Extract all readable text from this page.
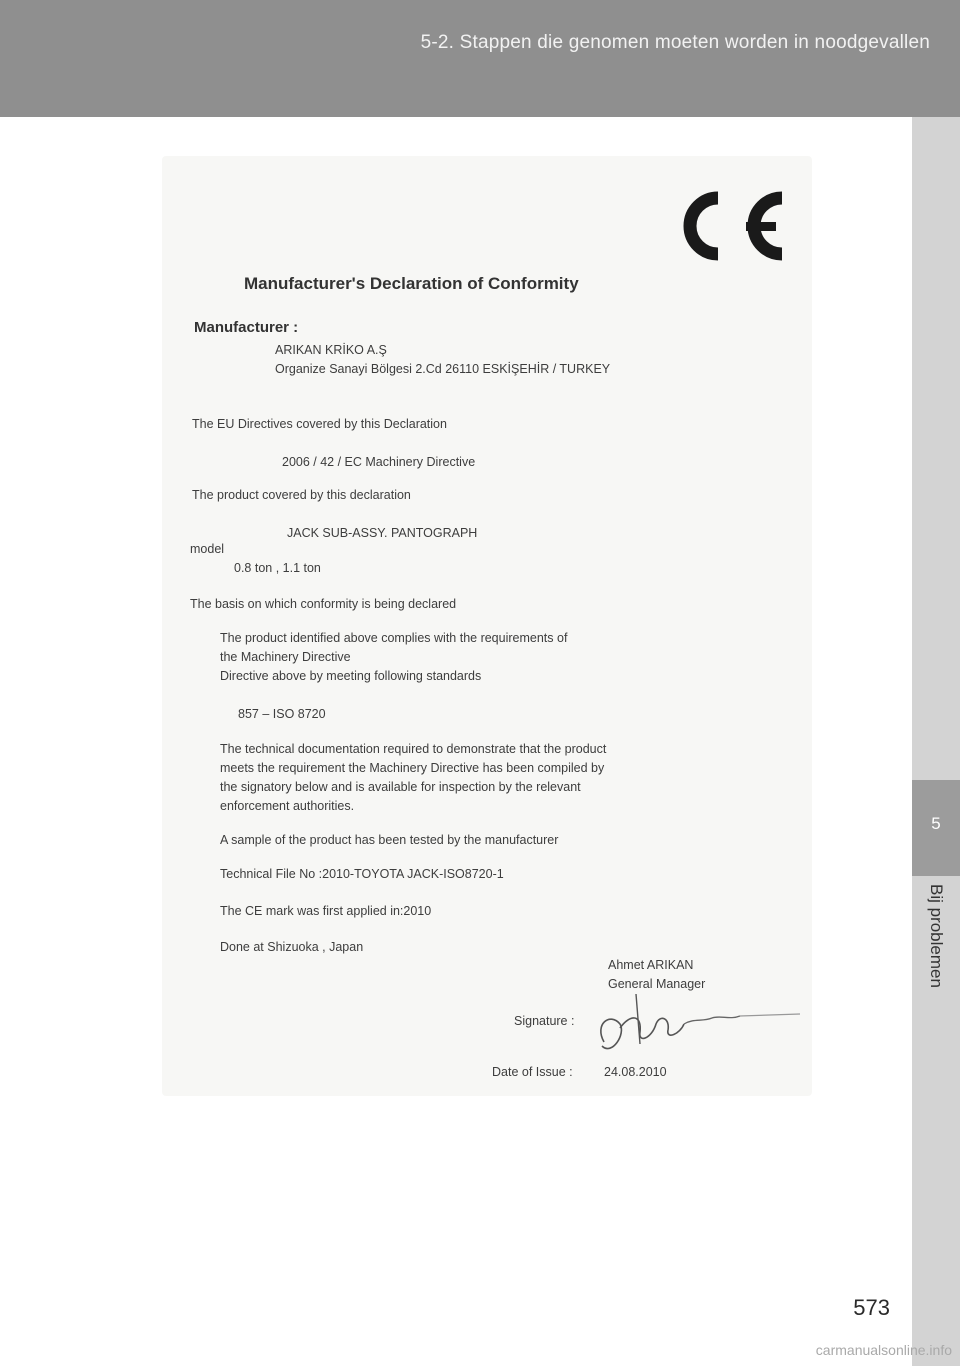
5-2. Stappen die genomen moeten worden in noodgevallen
5
Bij problemen
Manufacturer's Declaration of Conformity
Manufacturer :
ARIKAN KRİKO A.Ş
Organize Sanayi Bölgesi 2.Cd 26110 ESKİŞEHİR / TURKEY
The EU Directives covered by this Declaration
2006 / 42 / EC Machinery Directive
The product covered by this declaration
JACK SUB-ASSY. PANTOGRAPH
model
0.8 ton , 1.1 ton
The basis on which conformity is being declared
The product identified above complies with the requirements of
the Machinery Directive
Directive above by meeting following standards
857 – ISO 8720
The technical documentation required to demonstrate that the product
meets the requirement the Machinery Directive has been compiled by
the signatory below and is available for inspection by the relevant
enforcement authorities.
A sample of the product has been tested by the manufacturer
Technical File No :2010-TOYOTA JACK-ISO8720-1
The CE mark was first applied in:2010
Done at Shizuoka , Japan
Ahmet ARIKAN
General Manager
Signature :
Date of Issue :	24.08.2010
573
carmanualsonline.info
